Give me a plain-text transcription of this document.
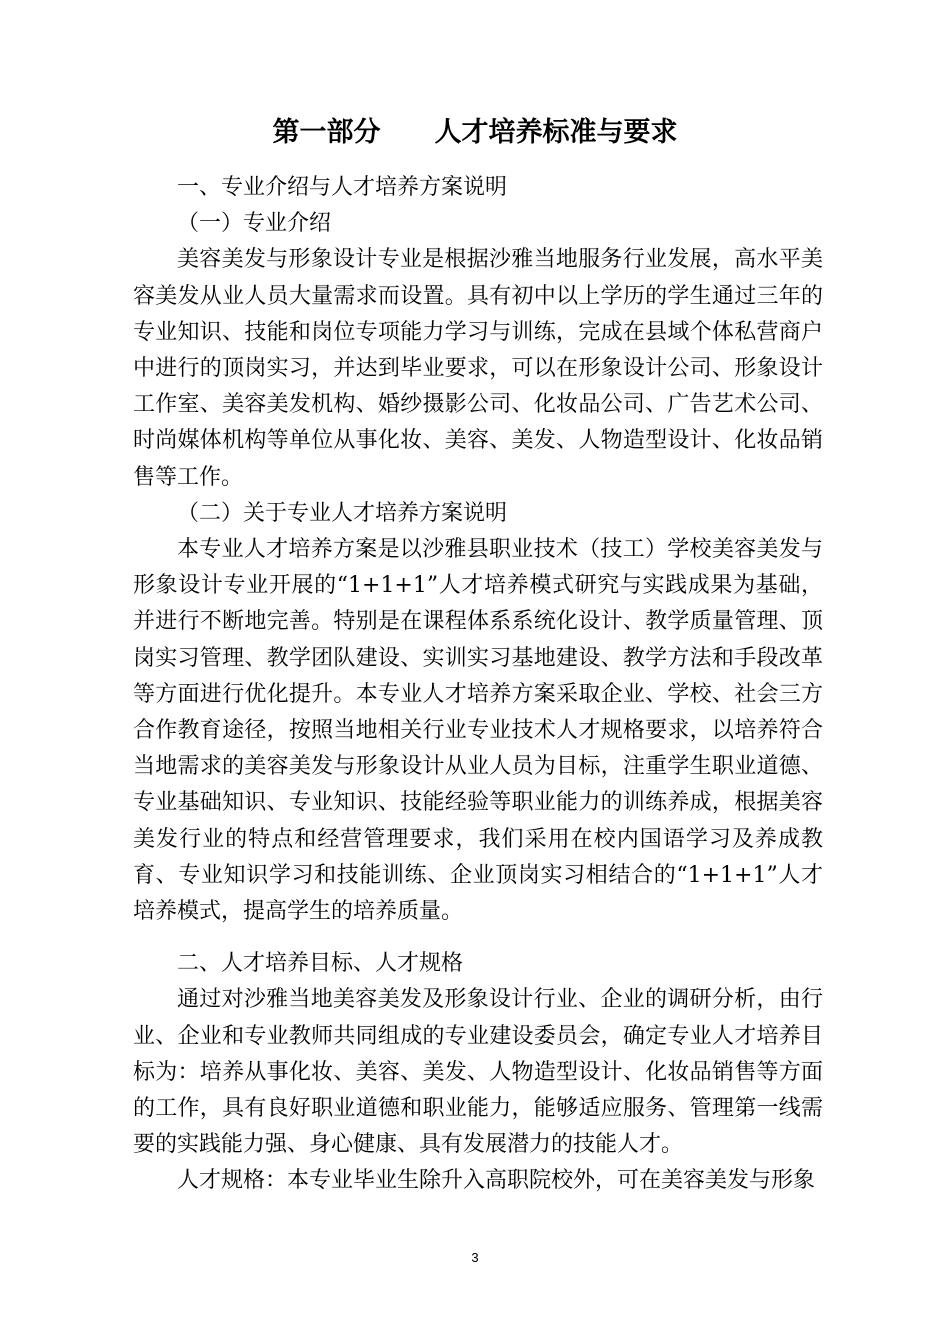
第一部分 人才培养标准与要求

一、专业介绍与人才培养方案说明

（一）专业介绍

美容美发与形象设计专业是根据沙雅当地服务行业发展，高水平美容美发从业人员大量需求而设置。具有初中以上学历的学生通过三年的专业知识、技能和岗位专项能力学习与训练，完成在县域个体私营商户中进行的顶岗实习，并达到毕业要求，可以在形象设计公司、形象设计工作室、美容美发机构、婚纱摄影公司、化妆品公司、广告艺术公司、时尚媒体机构等单位从事化妆、美容、美发、人物造型设计、化妆品销售等工作。

（二）关于专业人才培养方案说明

本专业人才培养方案是以沙雅县职业技术（技工）学校美容美发与形象设计专业开展的“1+1+1”人才培养模式研究与实践成果为基础，并进行不断地完善。特别是在课程体系系统化设计、教学质量管理、顶岗实习管理、教学团队建设、实训实习基地建设、教学方法和手段改革等方面进行优化提升。本专业人才培养方案采取企业、学校、社会三方合作教育途径，按照当地相关行业专业技术人才规格要求，以培养符合当地需求的美容美发与形象设计从业人员为目标，注重学生职业道德、专业基础知识、专业知识、技能经验等职业能力的训练养成，根据美容美发行业的特点和经营管理要求，我们采用在校内国语学习及养成教育、专业知识学习和技能训练、企业顶岗实习相结合的“1+1+1”人才培养模式，提高学生的培养质量。

二、人才培养目标、人才规格

通过对沙雅当地美容美发及形象设计行业、企业的调研分析，由行业、企业和专业教师共同组成的专业建设委员会，确定专业人才培养目标为：培养从事化妆、美容、美发、人物造型设计、化妆品销售等方面的工作，具有良好职业道德和职业能力，能够适应服务、管理第一线需要的实践能力强、身心健康、具有发展潜力的技能人才。

人才规格：本专业毕业生除升入高职院校外，可在美容美发与形象

3
